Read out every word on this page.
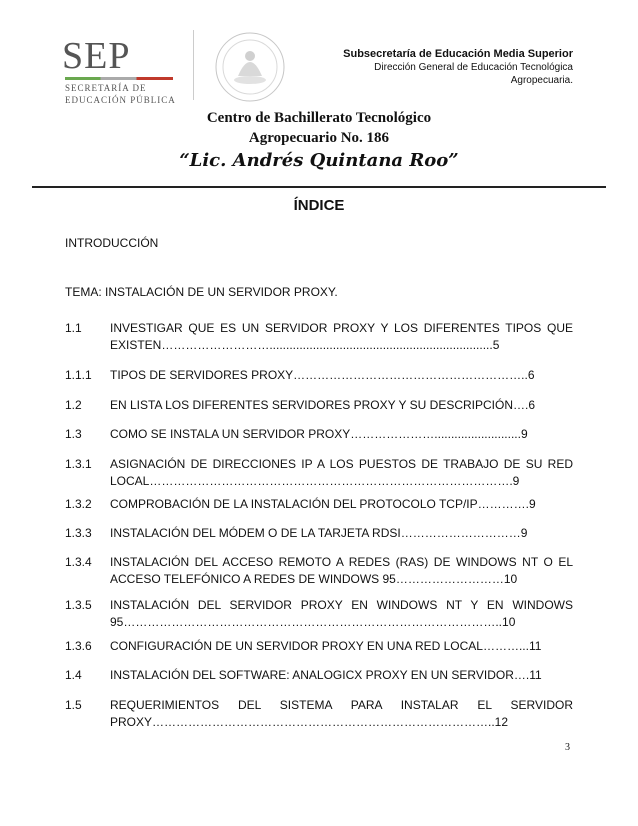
SEP
SECRETARÍA DE
EDUCACIÓN PÚBLICA
Subsecretaría de Educación Media Superior
Dirección General de Educación Tecnológica
Agropecuaria.
Centro de Bachillerato Tecnológico
Agropecuario No. 186
“Lic. Andrés Quintana Roo”
ÍNDICE
INTRODUCCIÓN
TEMA: INSTALACIÓN DE UN SERVIDOR PROXY.
1.1 INVESTIGAR QUE ES UN SERVIDOR PROXY Y LOS DIFERENTES TIPOS QUE EXISTEN………………………...................................................................5
1.1.1 TIPOS DE SERVIDORES PROXY…………………………………………………..6
1.2 EN LISTA LOS DIFERENTES SERVIDORES PROXY Y SU DESCRIPCIÓN….6
1.3 COMO SE INSTALA UN SERVIDOR PROXY…………………..........................9
1.3.1 ASIGNACIÓN DE DIRECCIONES IP A LOS PUESTOS DE TRABAJO DE SU RED LOCAL……………………………………………………………………………….9
1.3.2 COMPROBACIÓN DE LA INSTALACIÓN DEL PROTOCOLO TCP/IP………….9
1.3.3 INSTALACIÓN DEL MÓDEM O DE LA TARJETA RDSI…………………………9
1.3.4 INSTALACIÓN DEL ACCESO REMOTO A REDES (RAS) DE WINDOWS NT O EL ACCESO TELEFÓNICO A REDES DE WINDOWS 95………………………10
1.3.5 INSTALACIÓN DEL SERVIDOR PROXY EN WINDOWS NT Y EN WINDOWS 95…………………………………………………………………………………..10
1.3.6 CONFIGURACIÓN DE UN SERVIDOR PROXY EN UNA RED LOCAL………...11
1.4 INSTALACIÓN DEL SOFTWARE: ANALOGICX PROXY EN UN SERVIDOR….11
1.5 REQUERIMIENTOS DEL SISTEMA PARA INSTALAR EL SERVIDOR PROXY…………………………………………………………………………..12
3
